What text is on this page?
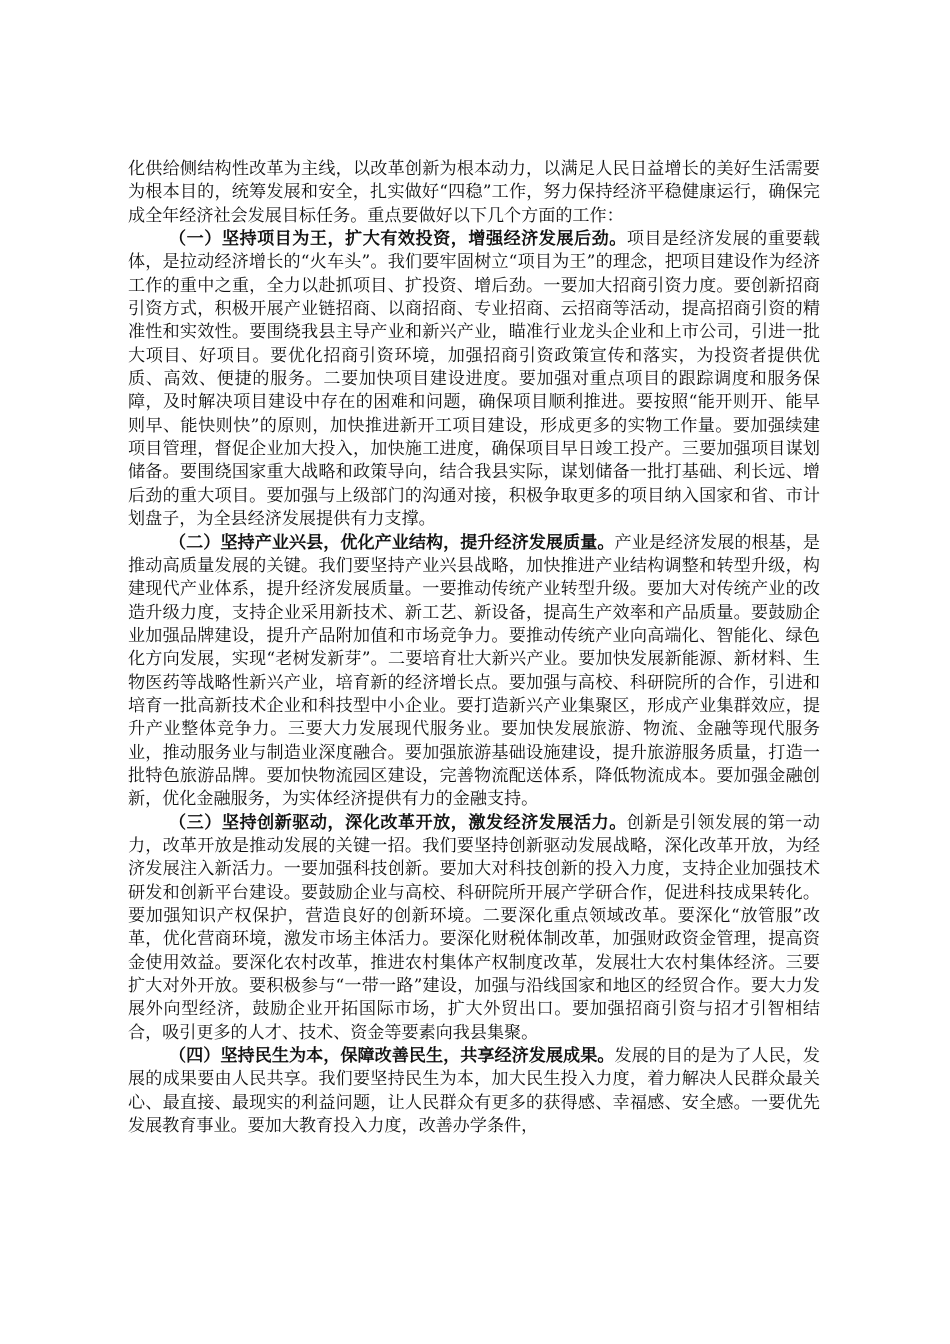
化供给侧结构性改革为主线，以改革创新为根本动力，以满足人民日益增长的美好生活需要为根本目的，统筹发展和安全，扎实做好“四稳”工作，努力保持经济平稳健康运行，确保完成全年经济社会发展目标任务。重点要做好以下几个方面的工作：

（一）坚持项目为王，扩大有效投资，增强经济发展后劲。项目是经济发展的重要载体，是拉动经济增长的“火车头”。我们要牢固树立“项目为王”的理念，把项目建设作为经济工作的重中之重，全力以赴抓项目、扩投资、增后劲。一要加大招商引资力度。要创新招商引资方式，积极开展产业链招商、以商招商、专业招商、云招商等活动，提高招商引资的精准性和实效性。要围绕我县主导产业和新兴产业，瞄准行业龙头企业和上市公司，引进一批大项目、好项目。要优化招商引资环境，加强招商引资政策宣传和落实，为投资者提供优质、高效、便捷的服务。二要加快项目建设进度。要加强对重点项目的跟踪调度和服务保障，及时解决项目建设中存在的困难和问题，确保项目顺利推进。要按照“能开则开、能早则早、能快则快”的原则，加快推进新开工项目建设，形成更多的实物工作量。要加强续建项目管理，督促企业加大投入，加快施工进度，确保项目早日竣工投产。三要加强项目谋划储备。要围绕国家重大战略和政策导向，结合我县实际，谋划储备一批打基础、利长远、增后劲的重大项目。要加强与上级部门的沟通对接，积极争取更多的项目纳入国家和省、市计划盘子，为全县经济发展提供有力支撑。

（二）坚持产业兴县，优化产业结构，提升经济发展质量。产业是经济发展的根基，是推动高质量发展的关键。我们要坚持产业兴县战略，加快推进产业结构调整和转型升级，构建现代产业体系，提升经济发展质量。一要推动传统产业转型升级。要加大对传统产业的改造升级力度，支持企业采用新技术、新工艺、新设备，提高生产效率和产品质量。要鼓励企业加强品牌建设，提升产品附加值和市场竞争力。要推动传统产业向高端化、智能化、绿色化方向发展，实现“老树发新芽”。二要培育壮大新兴产业。要加快发展新能源、新材料、生物医药等战略性新兴产业，培育新的经济增长点。要加强与高校、科研院所的合作，引进和培育一批高新技术企业和科技型中小企业。要打造新兴产业集聚区，形成产业集群效应，提升产业整体竞争力。三要大力发展现代服务业。要加快发展旅游、物流、金融等现代服务业，推动服务业与制造业深度融合。要加强旅游基础设施建设，提升旅游服务质量，打造一批特色旅游品牌。要加快物流园区建设，完善物流配送体系，降低物流成本。要加强金融创新，优化金融服务，为实体经济提供有力的金融支持。

（三）坚持创新驱动，深化改革开放，激发经济发展活力。创新是引领发展的第一动力，改革开放是推动发展的关键一招。我们要坚持创新驱动发展战略，深化改革开放，为经济发展注入新活力。一要加强科技创新。要加大对科技创新的投入力度，支持企业加强技术研发和创新平台建设。要鼓励企业与高校、科研院所开展产学研合作，促进科技成果转化。要加强知识产权保护，营造良好的创新环境。二要深化重点领域改革。要深化“放管服”改革，优化营商环境，激发市场主体活力。要深化财税体制改革，加强财政资金管理，提高资金使用效益。要深化农村改革，推进农村集体产权制度改革，发展壮大农村集体经济。三要扩大对外开放。要积极参与“一带一路”建设，加强与沿线国家和地区的经贸合作。要大力发展外向型经济，鼓励企业开拓国际市场，扩大外贸出口。要加强招商引资与招才引智相结合，吸引更多的人才、技术、资金等要素向我县集聚。

（四）坚持民生为本，保障改善民生，共享经济发展成果。发展的目的是为了人民，发展的成果要由人民共享。我们要坚持民生为本，加大民生投入力度，着力解决人民群众最关心、最直接、最现实的利益问题，让人民群众有更多的获得感、幸福感、安全感。一要优先发展教育事业。要加大教育投入力度，改善办学条件，
